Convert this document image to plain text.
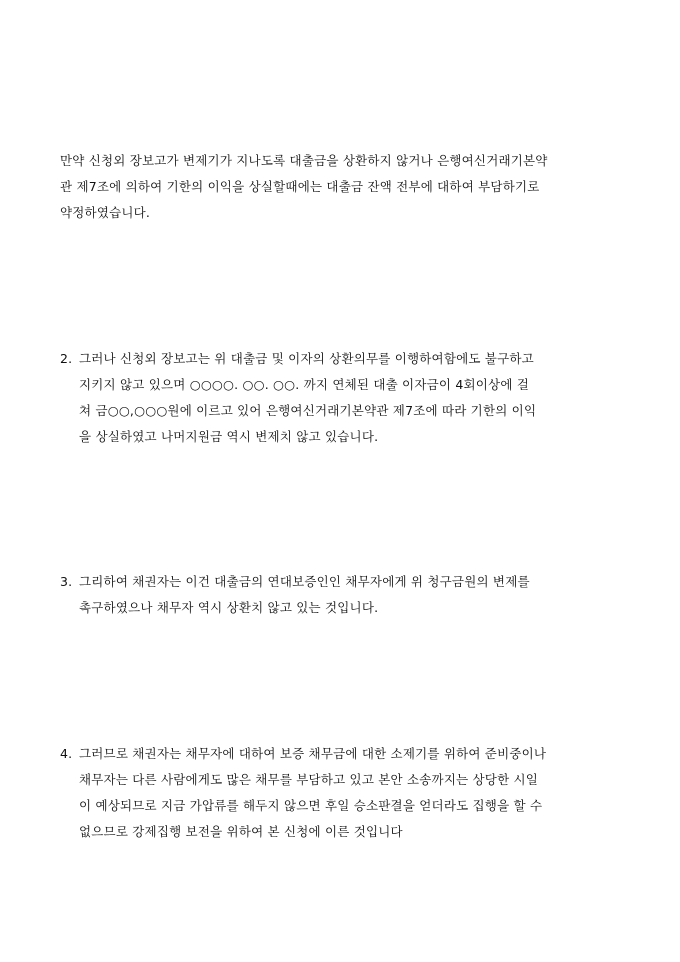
만약 신청외 장보고가 변제기가 지나도록 대출금을 상환하지 않거나 은행여신거래기본약
관 제7조에 의하여 기한의 이익을 상실할때에는 대출금 잔액 전부에 대하여 부담하기로
약정하였습니다.
2. 그러나 신청외 장보고는 위 대출금 및 이자의 상환의무를 이행하여함에도 불구하고
지키지 않고 있으며 ○○○○. ○○. ○○. 까지 연체된 대출 이자금이 4회이상에 걸
쳐 금○○,○○○원에 이르고 있어 은행여신거래기본약관 제7조에 따라 기한의 이익
을 상실하였고 나머지원금 역시 변제치 않고 있습니다.
3. 그리하여 채권자는 이건 대출금의 연대보증인인 채무자에게 위 청구금원의 변제를
촉구하였으나 채무자 역시 상환치 않고 있는 것입니다.
4. 그러므로 채권자는 채무자에 대하여 보증 채무금에 대한 소제기를 위하여 준비중이나
채무자는 다른 사람에게도 많은 채무를 부담하고 있고 본안 소송까지는 상당한 시일
이 예상되므로 지금 가압류를 해두지 않으면 후일 승소판결을 얻더라도 집행을 할 수
없으므로 강제집행 보전을 위하여 본 신청에 이른 것입니다
